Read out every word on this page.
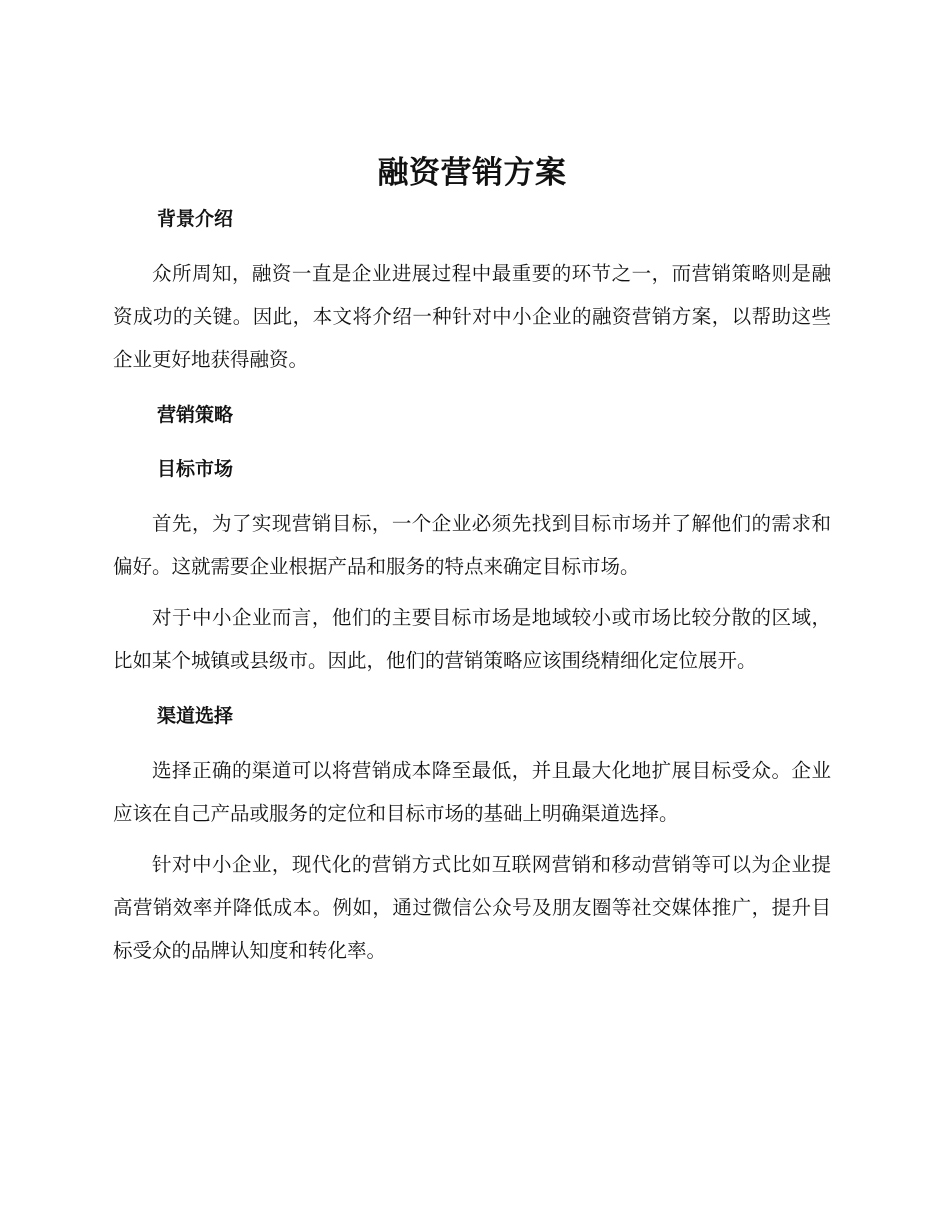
融资营销方案
背景介绍

众所周知，融资一直是企业进展过程中最重要的环节之一，而营销策略则是融资成功的关键。因此，本文将介绍一种针对中小企业的融资营销方案，以帮助这些企业更好地获得融资。

营销策略
目标市场

首先，为了实现营销目标，一个企业必须先找到目标市场并了解他们的需求和偏好。这就需要企业根据产品和服务的特点来确定目标市场。

对于中小企业而言，他们的主要目标市场是地域较小或市场比较分散的区域，比如某个城镇或县级市。因此，他们的营销策略应该围绕精细化定位展开。

渠道选择

选择正确的渠道可以将营销成本降至最低，并且最大化地扩展目标受众。企业应该在自己产品或服务的定位和目标市场的基础上明确渠道选择。

针对中小企业，现代化的营销方式比如互联网营销和移动营销等可以为企业提高营销效率并降低成本。例如，通过微信公众号及朋友圈等社交媒体推广，提升目标受众的品牌认知度和转化率。
